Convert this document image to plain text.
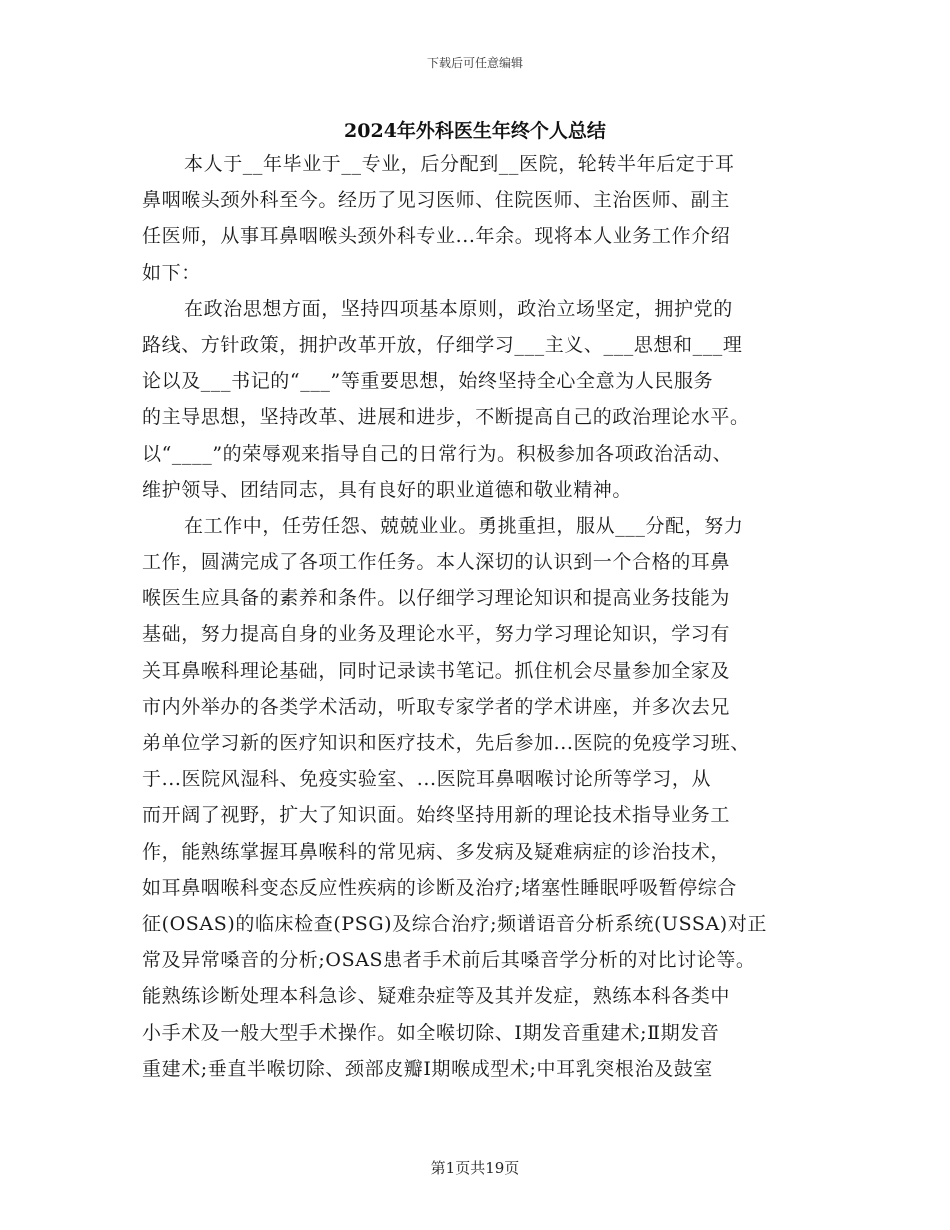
下载后可任意编辑
2024年外科医生年终个人总结
本人于__年毕业于__专业，后分配到__医院，轮转半年后定于耳
鼻咽喉头颈外科至今。经历了见习医师、住院医师、主治医师、副主
任医师，从事耳鼻咽喉头颈外科专业...年余。现将本人业务工作介绍
如下：
在政治思想方面，坚持四项基本原则，政治立场坚定，拥护党的
路线、方针政策，拥护改革开放，仔细学习___主义、___思想和___理
论以及___书记的“___”等重要思想，始终坚持全心全意为人民服务
的主导思想，坚持改革、进展和进步，不断提高自己的政治理论水平。
以“____”的荣辱观来指导自己的日常行为。积极参加各项政治活动、
维护领导、团结同志，具有良好的职业道德和敬业精神。
在工作中，任劳任怨、兢兢业业。勇挑重担，服从___分配，努力
工作，圆满完成了各项工作任务。本人深切的认识到一个合格的耳鼻
喉医生应具备的素养和条件。以仔细学习理论知识和提高业务技能为
基础，努力提高自身的业务及理论水平，努力学习理论知识，学习有
关耳鼻喉科理论基础，同时记录读书笔记。抓住机会尽量参加全家及
市内外举办的各类学术活动，听取专家学者的学术讲座，并多次去兄
弟单位学习新的医疗知识和医疗技术，先后参加...医院的免疫学习班、
于...医院风湿科、免疫实验室、...医院耳鼻咽喉讨论所等学习，从
而开阔了视野，扩大了知识面。始终坚持用新的理论技术指导业务工
作，能熟练掌握耳鼻喉科的常见病、多发病及疑难病症的诊治技术，
如耳鼻咽喉科变态反应性疾病的诊断及治疗;堵塞性睡眠呼吸暂停综合
征(OSAS)的临床检查(PSG)及综合治疗;频谱语音分析系统(USSA)对正
常及异常嗓音的分析;OSAS患者手术前后其嗓音学分析的对比讨论等。
能熟练诊断处理本科急诊、疑难杂症等及其并发症，熟练本科各类中
小手术及一般大型手术操作。如全喉切除、Ⅰ期发音重建术;Ⅱ期发音
重建术;垂直半喉切除、颈部皮瓣Ⅰ期喉成型术;中耳乳突根治及鼓室
第1页共19页
